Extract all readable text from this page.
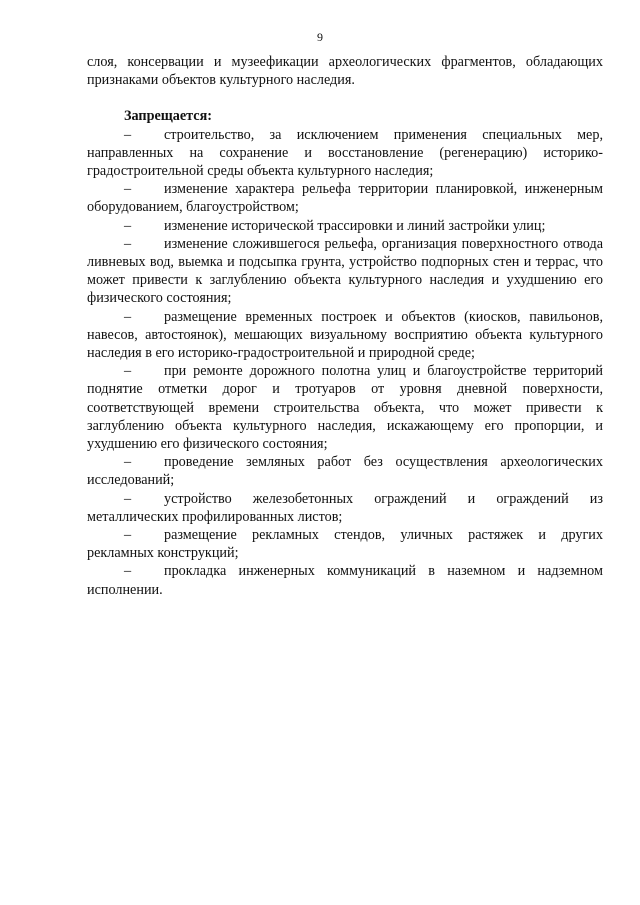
9

слоя, консервации и музеефикации археологических фрагментов, обладающих признаками объектов культурного наследия.

Запрещается:

– строительство, за исключением применения специальных мер, направленных на сохранение и восстановление (регенерацию) историко-градостроительной среды объекта культурного наследия;

– изменение характера рельефа территории планировкой, инженерным оборудованием, благоустройством;

– изменение исторической трассировки и линий застройки улиц;

– изменение сложившегося рельефа, организация поверхностного отвода ливневых вод, выемка и подсыпка грунта, устройство подпорных стен и террас, что может привести к заглублению объекта культурного наследия и ухудшению его физического состояния;

– размещение временных построек и объектов (киосков, павильонов, навесов, автостоянок), мешающих визуальному восприятию объекта культурного наследия в его историко-градостроительной и природной среде;

– при ремонте дорожного полотна улиц и благоустройстве территорий поднятие отметки дорог и тротуаров от уровня дневной поверхности, соответствующей времени строительства объекта, что может привести к заглублению объекта культурного наследия, искажающему его пропорции, и ухудшению его физического состояния;

– проведение земляных работ без осуществления археологических исследований;

– устройство железобетонных ограждений и ограждений из металлических профилированных листов;

– размещение рекламных стендов, уличных растяжек и других рекламных конструкций;

– прокладка инженерных коммуникаций в наземном и надземном исполнении.
